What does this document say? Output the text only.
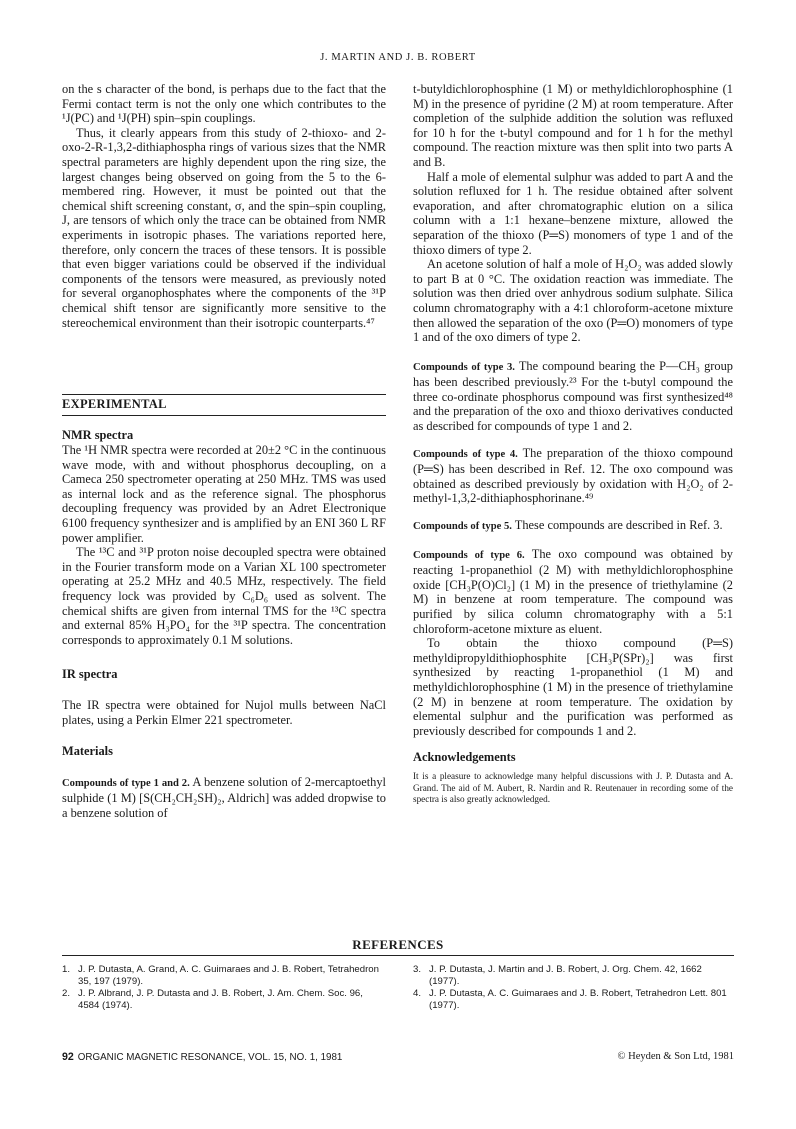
J. MARTIN AND J. B. ROBERT

on the s character of the bond, is perhaps due to the fact that the Fermi contact term is not the only one which contributes to the ¹J(PC) and ¹J(PH) spin–spin couplings.

Thus, it clearly appears from this study of 2-thioxo- and 2-oxo-2-R-1,3,2-dithiaphospha rings of various sizes that the NMR spectral parameters are highly dependent upon the ring size, the largest changes being observed on going from the 5 to the 6-membered ring. However, it must be pointed out that the chemical shift screening constant, σ, and the spin–spin coupling, J, are tensors of which only the trace can be obtained from NMR experiments in isotropic phases. The variations reported here, therefore, only concern the traces of these tensors. It is possible that even bigger variations could be observed if the individual components of the tensors were measured, as previously noted for several organophosphates where the components of the ³¹P chemical shift tensor are significantly more sensitive to the stereochemical environment than their isotropic counterparts.⁴⁷

EXPERIMENTAL
NMR spectra

The ¹H NMR spectra were recorded at 20±2 °C in the continuous wave mode, with and without phosphorus decoupling, on a Cameca 250 spectrometer operating at 250 MHz. TMS was used as internal lock and as the reference signal. The phosphorus decoupling frequency was provided by an Adret Electronique 6100 frequency synthesizer and is amplified by an ENI 360 L RF power amplifier.

The ¹³C and ³¹P proton noise decoupled spectra were obtained in the Fourier transform mode on a Varian XL 100 spectrometer operating at 25.2 MHz and 40.5 MHz, respectively. The field frequency lock was provided by C₆D₆ used as solvent. The chemical shifts are given from internal TMS for the ¹³C spectra and external 85% H₃PO₄ for the ³¹P spectra. The concentration corresponds to approximately 0.1 M solutions.

IR spectra

The IR spectra were obtained for Nujol mulls between NaCl plates, using a Perkin Elmer 221 spectrometer.

Materials

Compounds of type 1 and 2. A benzene solution of 2-mercaptoethyl sulphide (1 M) [S(CH₂CH₂SH)₂, Aldrich] was added dropwise to a benzene solution of

t-butyldichlorophosphine (1 M) or methyldichlorophosphine (1 M) in the presence of pyridine (2 M) at room temperature. After completion of the sulphide addition the solution was refluxed for 10 h for the t-butyl compound and for 1 h for the methyl compound. The reaction mixture was then split into two parts A and B.

Half a mole of elemental sulphur was added to part A and the solution refluxed for 1 h. The residue obtained after solvent evaporation, and after chromatographic elution on a silica column with a 1:1 hexane–benzene mixture, allowed the separation of the thioxo (P═S) monomers of type 1 and of the thioxo dimers of type 2.

An acetone solution of half a mole of H₂O₂ was added slowly to part B at 0 °C. The oxidation reaction was immediate. The solution was then dried over anhydrous sodium sulphate. Silica column chromatography with a 4:1 chloroform-acetone mixture then allowed the separation of the oxo (P═O) monomers of type 1 and of the oxo dimers of type 2.

Compounds of type 3. The compound bearing the P—CH₃ group has been described previously.²³ For the t-butyl compound the three co-ordinate phosphorus compound was first synthesized⁴⁸ and the preparation of the oxo and thioxo derivatives conducted as described for compounds of type 1 and 2.

Compounds of type 4. The preparation of the thioxo compound (P═S) has been described in Ref. 12. The oxo compound was obtained as described previously by oxidation with H₂O₂ of 2-methyl-1,3,2-dithiaphosphorinane.⁴⁹

Compounds of type 5. These compounds are described in Ref. 3.

Compounds of type 6. The oxo compound was obtained by reacting 1-propanethiol (2 M) with methyldichlorophosphine oxide [CH₃P(O)Cl₂] (1 M) in the presence of triethylamine (2 M) in benzene at room temperature. The compound was purified by silica column chromatography with a 5:1 chloroform-acetone mixture as eluent.

To obtain the thioxo compound (P═S) methyldipropyldithiophosphite [CH₃P(SPr)₂] was first synthesized by reacting 1-propanethiol (1 M) and methyldichlorophosphine (1 M) in the presence of triethylamine (2 M) in benzene at room temperature. The oxidation by elemental sulphur and the purification was performed as previously described for compounds 1 and 2.

Acknowledgements

It is a pleasure to acknowledge many helpful discussions with J. P. Dutasta and A. Grand. The aid of M. Aubert, R. Nardin and R. Reutenauer in recording some of the spectra is also greatly acknowledged.

REFERENCES
1. J. P. Dutasta, A. Grand, A. C. Guimaraes and J. B. Robert, Tetrahedron 35, 197 (1979).
2. J. P. Albrand, J. P. Dutasta and J. B. Robert, J. Am. Chem. Soc. 96, 4584 (1974).
3. J. P. Dutasta, J. Martin and J. B. Robert, J. Org. Chem. 42, 1662 (1977).
4. J. P. Dutasta, A. C. Guimaraes and J. B. Robert, Tetrahedron Lett. 801 (1977).
92 ORGANIC MAGNETIC RESONANCE, VOL. 15, NO. 1, 1981	© Heyden & Son Ltd, 1981
